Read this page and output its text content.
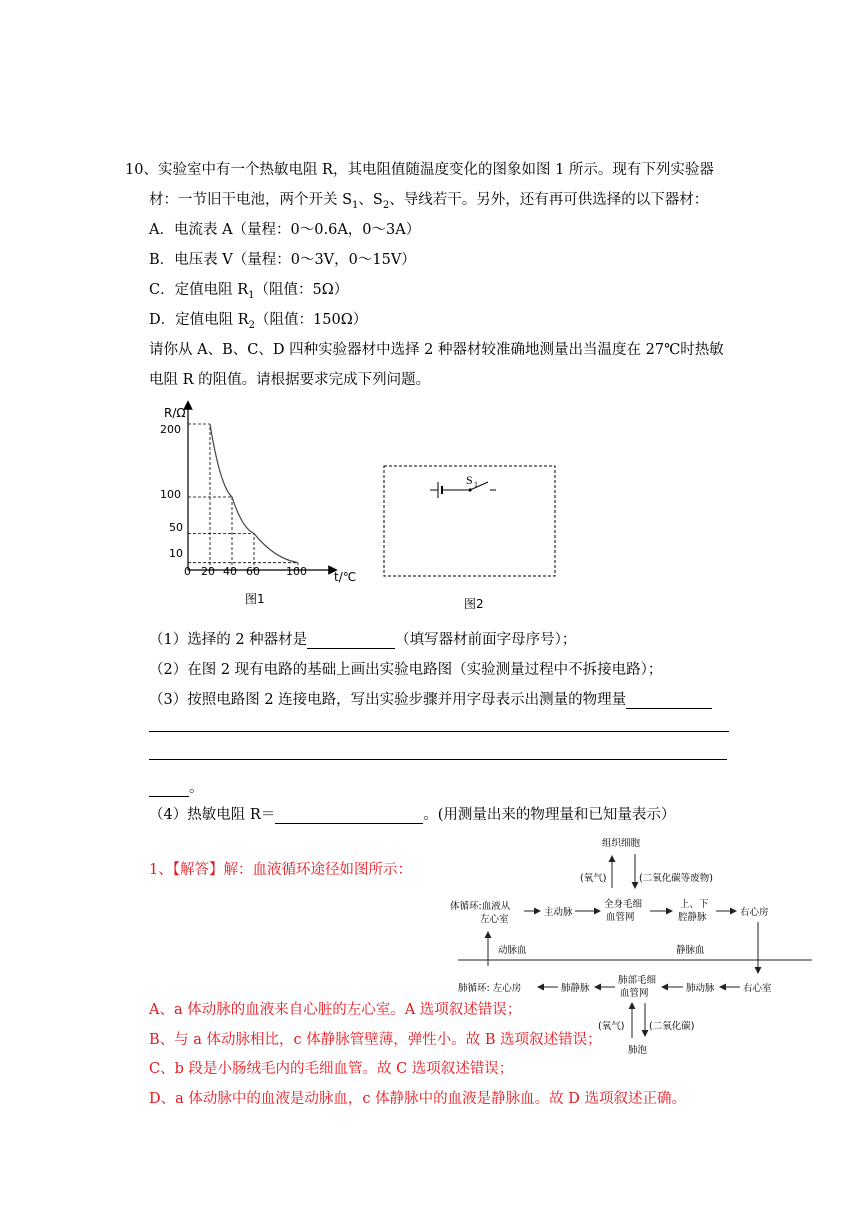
10、实验室中有一个热敏电阻 R，其电阻值随温度变化的图象如图 1 所示。现有下列实验器
材：一节旧干电池，两个开关 $S_1$、$S_2$、导线若干。另外，还有再可供选择的以下器材：
A．电流表 A（量程：0～0.6A，0～3A）
B．电压表 V（量程：0～3V，0～15V）
C．定值电阻 $R_1$（阻值：5Ω）
D．定值电阻 $R_2$（阻值：150Ω）
请你从 A、B、C、D 四种实验器材中选择 2 种器材较准确地测量出当温度在 27℃时热敏
电阻 R 的阻值。请根据要求完成下列问题。
R/Ω
t/℃
200
100
50
10
0 20 40 60 100
图1
S 1
图2
（1）选择的 2 种器材是	（填写器材前面字母序号）；
（2）在图 2 现有电路的基础上画出实验电路图（实验测量过程中不拆接电路）；
（3）按照电路图 2 连接电路，写出实验步骤并用字母表示出测量的物理量
。
（4）热敏电阻 R＝	。(用测量出来的物理量和已知量表示）
1、【解答】解：血液循环途径如图所示：
A、a 体动脉的血液来自心脏的左心室。A 选项叙述错误；
B、与 a 体动脉相比，c 体静脉管壁薄，弹性小。故 B 选项叙述错误；
C、b 段是小肠绒毛内的毛细血管。故 C 选项叙述错误；
D、a 体动脉中的血液是动脉血，c 体静脉中的血液是静脉血。故 D 选项叙述正确。
组织细胞
(氧气)	(二氧化碳等废物)
体循环:血液从
左心室
主动脉
全身毛细
血管网
上、下
腔静脉	右心房
动脉血	静脉血
肺循环: 左心房	肺静脉
肺部毛细
血管网	肺动脉	右心室
(氧气)	(二氧化碳)
肺泡
